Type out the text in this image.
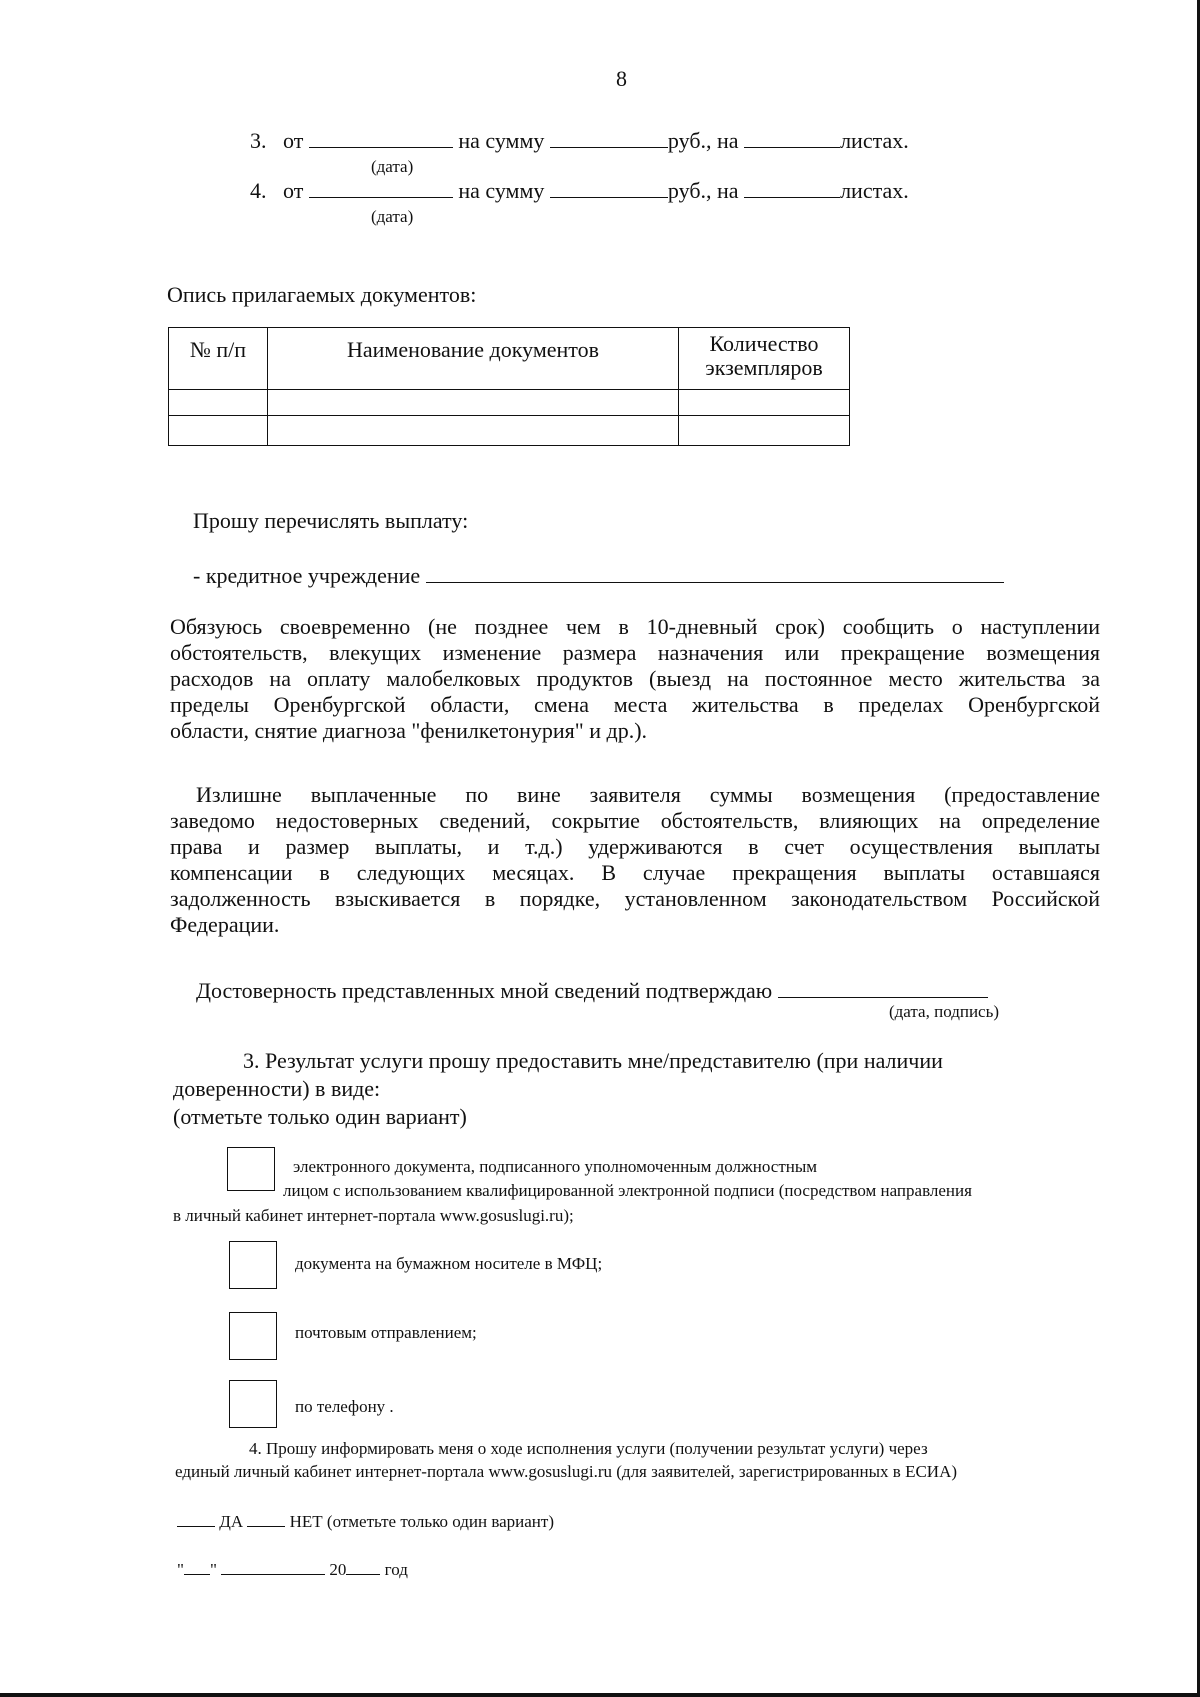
8
3. от	на сумму	руб., на	листах.
(дата)
4. от	на сумму	руб., на	листах.
(дата)
Опись прилагаемых документов:
№ п/п	Наименование документов	Количество
экземпляров

Прошу перечислять выплату:
- кредитное учреждение
Обязуюсь своевременно (не позднее чем в 10-дневный срок) сообщить о наступлении
обстоятельств, влекущих изменение размера назначения или прекращение возмещения
расходов на оплату малобелковых продуктов (выезд на постоянное место жительства за
пределы Оренбургской области, смена места жительства в пределах Оренбургской
области, снятие диагноза "фенилкетонурия" и др.).
Излишне выплаченные по вине заявителя суммы возмещения (предоставление
заведомо недостоверных сведений, сокрытие обстоятельств, влияющих на определение
права и размер выплаты, и т.д.) удерживаются в счет осуществления выплаты
компенсации в следующих месяцах. В случае прекращения выплаты оставшаяся
задолженность взыскивается в порядке, установленном законодательством Российской
Федерации.
Достоверность представленных мной сведений подтверждаю
(дата, подпись)
3. Результат услуги прошу предоставить мне/представителю (при наличии
доверенности) в виде:
(отметьте только один вариант)
электронного документа, подписанного уполномоченным должностным
лицом с использованием квалифицированной электронной подписи (посредством направления
в личный кабинет интернет-портала www.gosuslugi.ru);
документа на бумажном носителе в МФЦ;
почтовым отправлением;
по телефону .
4. Прошу информировать меня о ходе исполнения услуги (получении результат услуги) через
единый личный кабинет интернет-портала www.gosuslugi.ru (для заявителей, зарегистрированных в ЕСИА)
ДА	НЕТ (отметьте только один вариант)
" "	20 год
